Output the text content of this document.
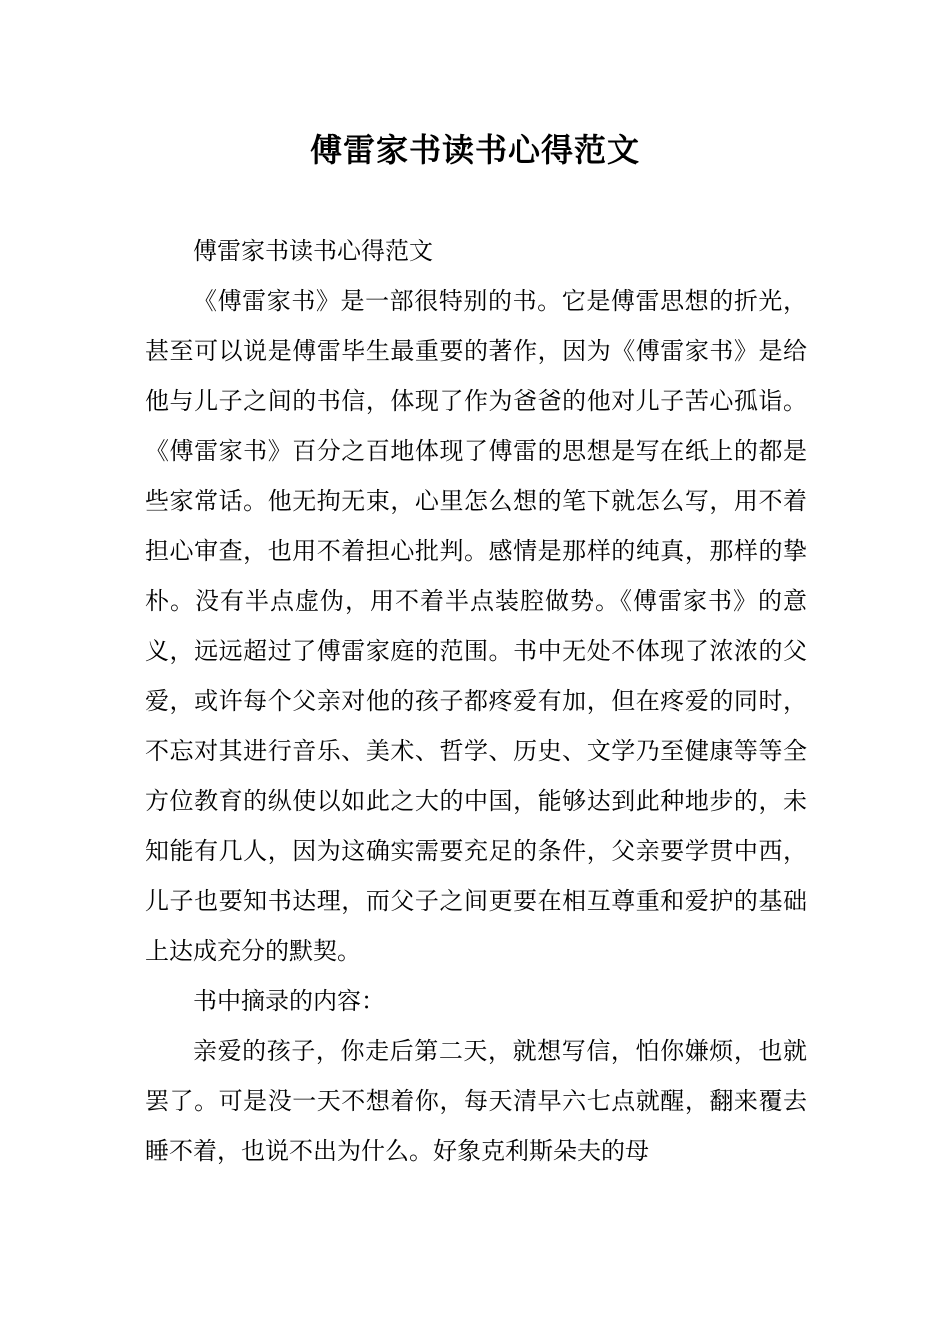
傅雷家书读书心得范文

傅雷家书读书心得范文

《傅雷家书》是一部很特别的书。它是傅雷思想的折光，甚至可以说是傅雷毕生最重要的著作，因为《傅雷家书》是给他与儿子之间的书信，体现了作为爸爸的他对儿子苦心孤诣。《傅雷家书》百分之百地体现了傅雷的思想是写在纸上的都是些家常话。他无拘无束，心里怎么想的笔下就怎么写，用不着担心审查，也用不着担心批判。感情是那样的纯真，那样的挚朴。没有半点虚伪，用不着半点装腔做势。《傅雷家书》的意义，远远超过了傅雷家庭的范围。书中无处不体现了浓浓的父爱，或许每个父亲对他的孩子都疼爱有加，但在疼爱的同时，不忘对其进行音乐、美术、哲学、历史、文学乃至健康等等全方位教育的纵使以如此之大的中国，能够达到此种地步的，未知能有几人，因为这确实需要充足的条件，父亲要学贯中西，儿子也要知书达理，而父子之间更要在相互尊重和爱护的基础上达成充分的默契。

书中摘录的内容：

亲爱的孩子，你走后第二天，就想写信，怕你嫌烦，也就罢了。可是没一天不想着你，每天清早六七点就醒，翻来覆去睡不着，也说不出为什么。好象克利斯朵夫的母
